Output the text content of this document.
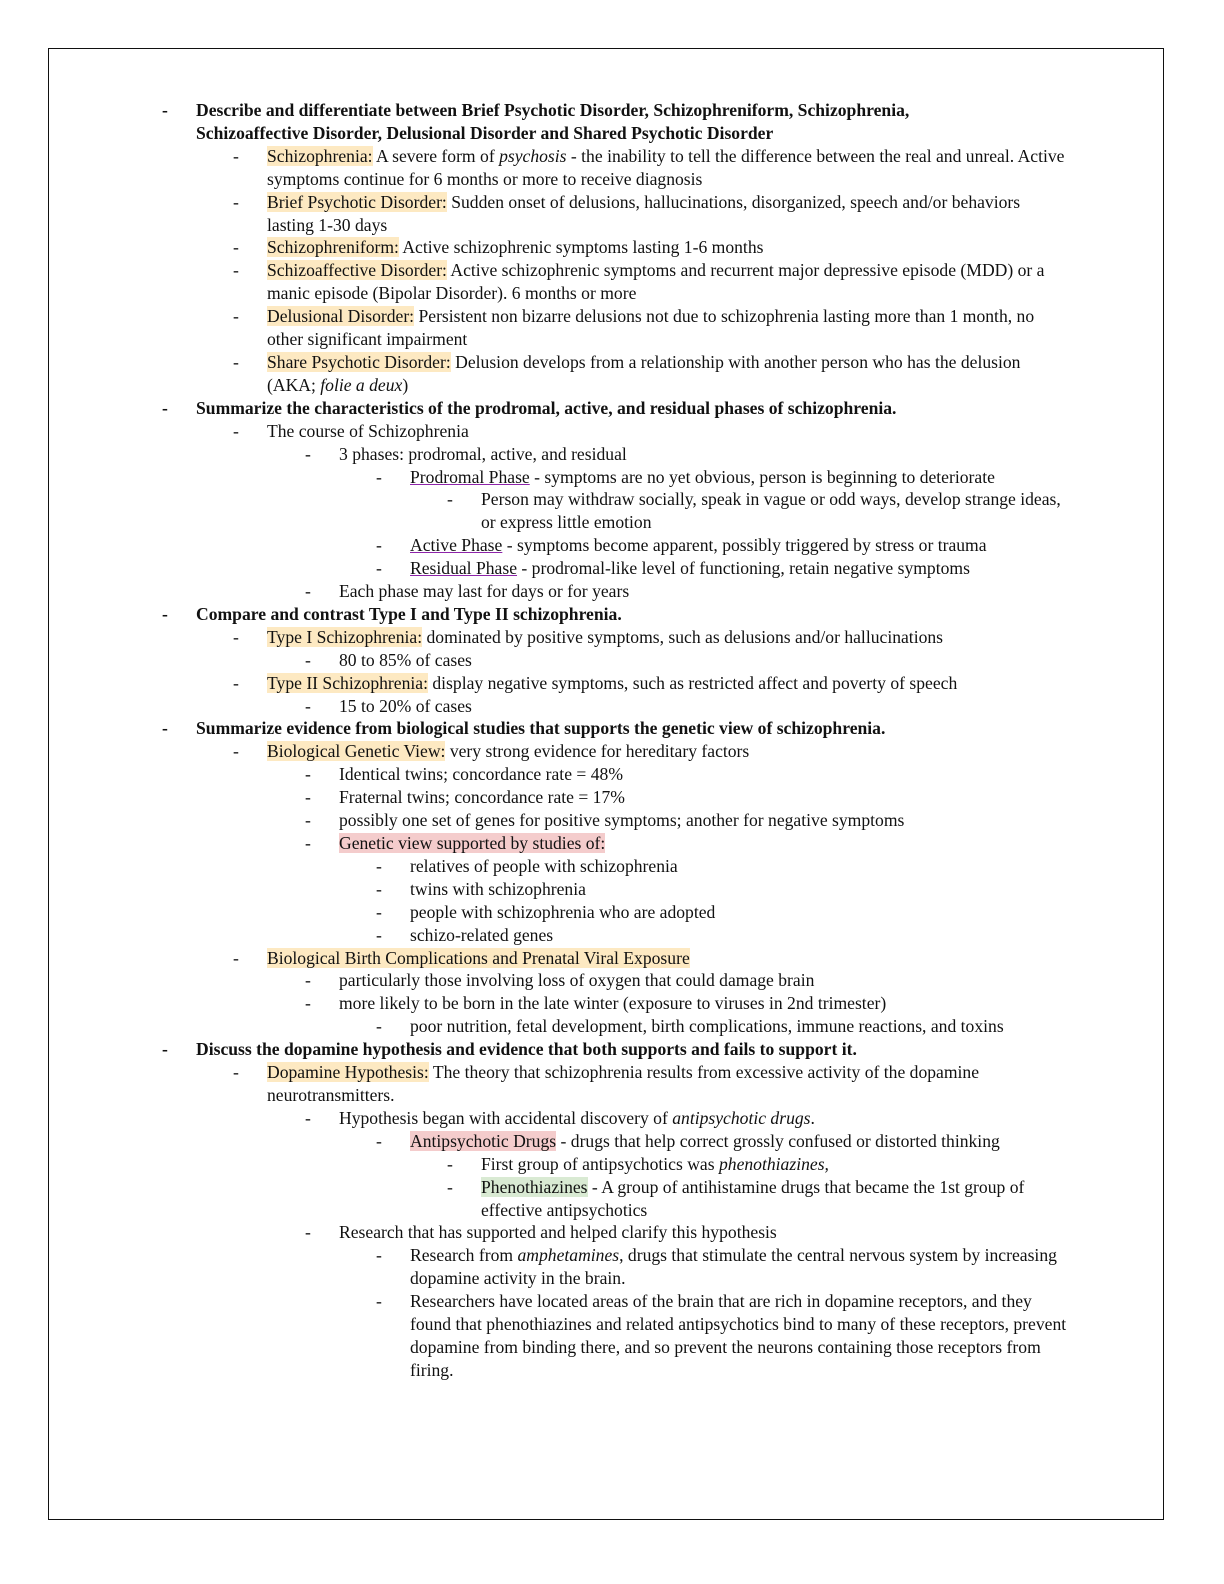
- Describe and differentiate between Brief Psychotic Disorder, Schizophreniform, Schizophrenia, Schizoaffective Disorder, Delusional Disorder and Shared Psychotic Disorder
- Schizophrenia: A severe form of psychosis - the inability to tell the difference between the real and unreal. Active symptoms continue for 6 months or more to receive diagnosis
- Brief Psychotic Disorder: Sudden onset of delusions, hallucinations, disorganized, speech and/or behaviors lasting 1-30 days
- Schizophreniform: Active schizophrenic symptoms lasting 1-6 months
- Schizoaffective Disorder: Active schizophrenic symptoms and recurrent major depressive episode (MDD) or a manic episode (Bipolar Disorder). 6 months or more
- Delusional Disorder: Persistent non bizarre delusions not due to schizophrenia lasting more than 1 month, no other significant impairment
- Share Psychotic Disorder: Delusion develops from a relationship with another person who has the delusion (AKA; folie a deux)
- Summarize the characteristics of the prodromal, active, and residual phases of schizophrenia.
- The course of Schizophrenia
- 3 phases: prodromal, active, and residual
- Prodromal Phase - symptoms are no yet obvious, person is beginning to deteriorate
- Person may withdraw socially, speak in vague or odd ways, develop strange ideas, or express little emotion
- Active Phase - symptoms become apparent, possibly triggered by stress or trauma
- Residual Phase - prodromal-like level of functioning, retain negative symptoms
- Each phase may last for days or for years
- Compare and contrast Type I and Type II schizophrenia.
- Type I Schizophrenia: dominated by positive symptoms, such as delusions and/or hallucinations
- 80 to 85% of cases
- Type II Schizophrenia: display negative symptoms, such as restricted affect and poverty of speech
- 15 to 20% of cases
- Summarize evidence from biological studies that supports the genetic view of schizophrenia.
- Biological Genetic View: very strong evidence for hereditary factors
- Identical twins; concordance rate = 48%
- Fraternal twins; concordance rate = 17%
- possibly one set of genes for positive symptoms; another for negative symptoms
- Genetic view supported by studies of:
- relatives of people with schizophrenia
- twins with schizophrenia
- people with schizophrenia who are adopted
- schizo-related genes
- Biological Birth Complications and Prenatal Viral Exposure
- particularly those involving loss of oxygen that could damage brain
- more likely to be born in the late winter (exposure to viruses in 2nd trimester)
- poor nutrition, fetal development, birth complications, immune reactions, and toxins
- Discuss the dopamine hypothesis and evidence that both supports and fails to support it.
- Dopamine Hypothesis: The theory that schizophrenia results from excessive activity of the dopamine neurotransmitters.
- Hypothesis began with accidental discovery of antipsychotic drugs.
- Antipsychotic Drugs - drugs that help correct grossly confused or distorted thinking
- First group of antipsychotics was phenothiazines,
- Phenothiazines - A group of antihistamine drugs that became the 1st group of effective antipsychotics
- Research that has supported and helped clarify this hypothesis
- Research from amphetamines, drugs that stimulate the central nervous system by increasing dopamine activity in the brain.
- Researchers have located areas of the brain that are rich in dopamine receptors, and they found that phenothiazines and related antipsychotics bind to many of these receptors, prevent dopamine from binding there, and so prevent the neurons containing those receptors from firing.
